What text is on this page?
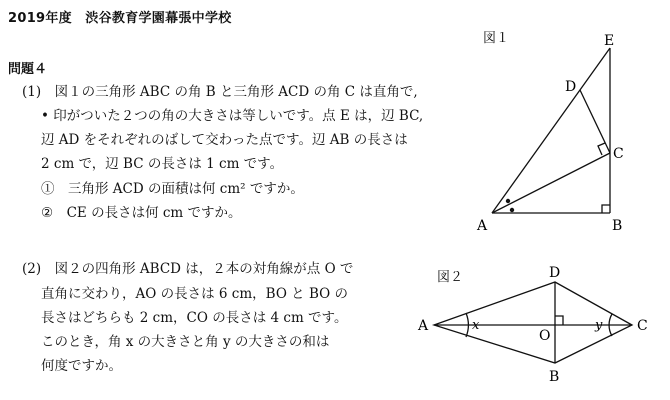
2019年度　渋谷教育学園幕張中学校
問題４
(1)　図１の三角形 ABC の角 B と三角形 ACD の角 C は直角で,
• 印がついた２つの角の大きさは等しいです。点 E は，辺 BC,
辺 AD をそれぞれのばして交わった点です。辺 AB の長さは
2 cm で，辺 BC の長さは 1 cm です。
①　三角形 ACD の面積は何 cm² ですか。
②　CE の長さは何 cm ですか。
(2)　図２の四角形 ABCD は，２本の対角線が点 O で
直角に交わり，AO の長さは 6 cm，BO と BO の
長さはどちらも 2 cm，CO の長さは 4 cm です。
このとき，角 x の大きさと角 y の大きさの和は
何度ですか。
図１
A	B
C
D
E
A
D
C
B
O
x	y
図２
